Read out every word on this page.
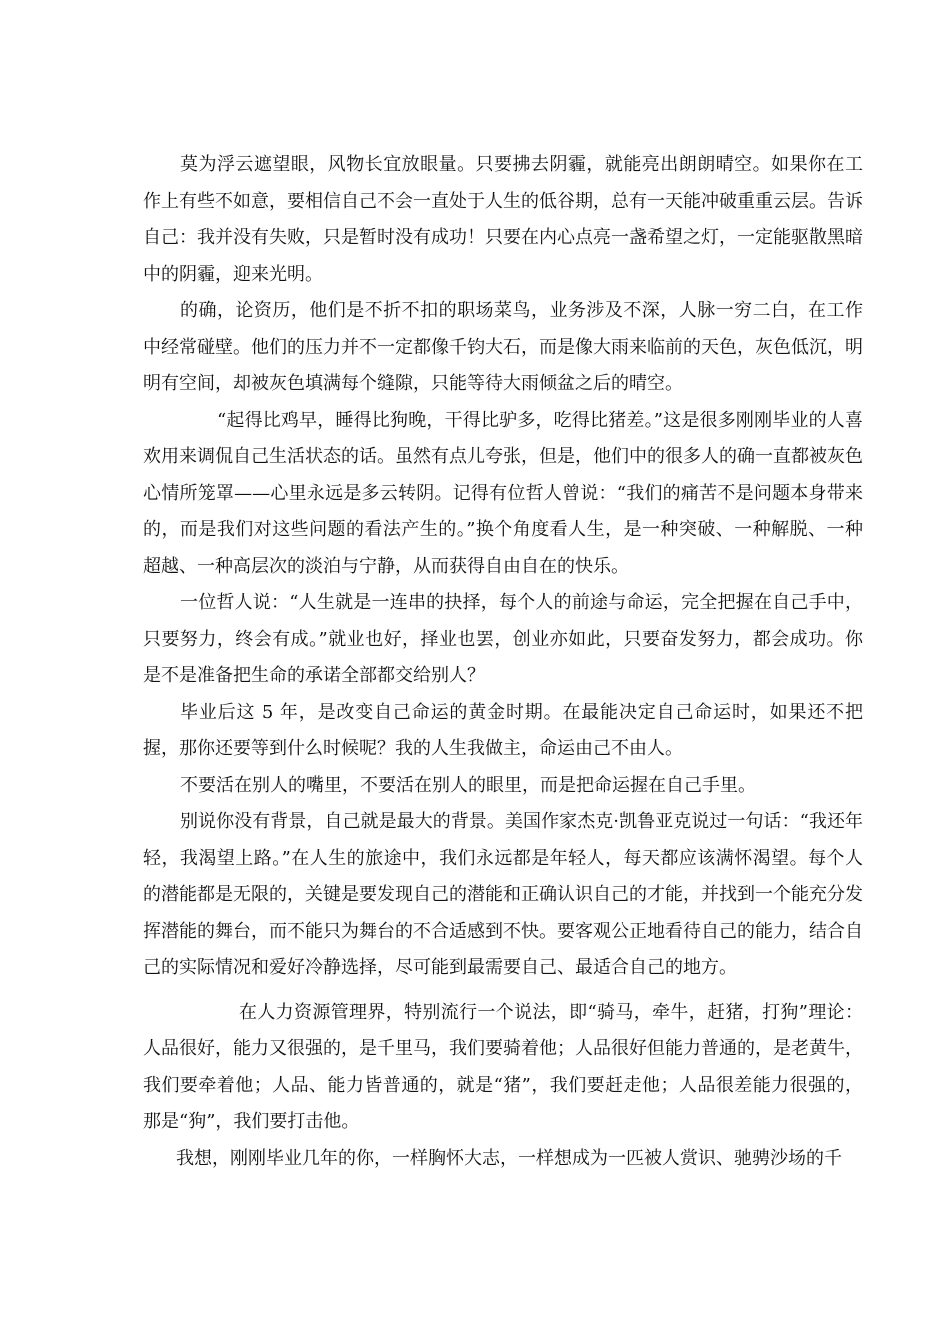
莫为浮云遮望眼，风物长宜放眼量。只要拂去阴霾，就能亮出朗朗晴空。如果你在工作上有些不如意，要相信自己不会一直处于人生的低谷期，总有一天能冲破重重云层。告诉自己：我并没有失败，只是暂时没有成功！只要在内心点亮一盏希望之灯，一定能驱散黑暗中的阴霾，迎来光明。

的确，论资历，他们是不折不扣的职场菜鸟，业务涉及不深，人脉一穷二白，在工作中经常碰壁。他们的压力并不一定都像千钧大石，而是像大雨来临前的天色，灰色低沉，明明有空间，却被灰色填满每个缝隙，只能等待大雨倾盆之后的晴空。

“起得比鸡早，睡得比狗晚，干得比驴多，吃得比猪差。”这是很多刚刚毕业的人喜欢用来调侃自己生活状态的话。虽然有点儿夸张，但是，他们中的很多人的确一直都被灰色心情所笼罩——心里永远是多云转阴。记得有位哲人曾说：“我们的痛苦不是问题本身带来的，而是我们对这些问题的看法产生的。”换个角度看人生，是一种突破、一种解脱、一种超越、一种高层次的淡泊与宁静，从而获得自由自在的快乐。

一位哲人说：“人生就是一连串的抉择，每个人的前途与命运，完全把握在自己手中，只要努力，终会有成。”就业也好，择业也罢，创业亦如此，只要奋发努力，都会成功。你是不是准备把生命的承诺全部都交给别人？

毕业后这 5 年，是改变自己命运的黄金时期。在最能决定自己命运时，如果还不把握，那你还要等到什么时候呢？我的人生我做主，命运由己不由人。

不要活在别人的嘴里，不要活在别人的眼里，而是把命运握在自己手里。

别说你没有背景，自己就是最大的背景。美国作家杰克·凯鲁亚克说过一句话：“我还年轻，我渴望上路。”在人生的旅途中，我们永远都是年轻人，每天都应该满怀渴望。每个人的潜能都是无限的，关键是要发现自己的潜能和正确认识自己的才能，并找到一个能充分发挥潜能的舞台，而不能只为舞台的不合适感到不快。要客观公正地看待自己的能力，结合自己的实际情况和爱好冷静选择，尽可能到最需要自己、最适合自己的地方。

在人力资源管理界，特别流行一个说法，即“骑马，牵牛，赶猪，打狗”理论：人品很好，能力又很强的，是千里马，我们要骑着他；人品很好但能力普通的，是老黄牛，我们要牵着他；人品、能力皆普通的，就是“猪”，我们要赶走他；人品很差能力很强的，那是“狗”，我们要打击他。

我想，刚刚毕业几年的你，一样胸怀大志，一样想成为一匹被人赏识、驰骋沙场的千
